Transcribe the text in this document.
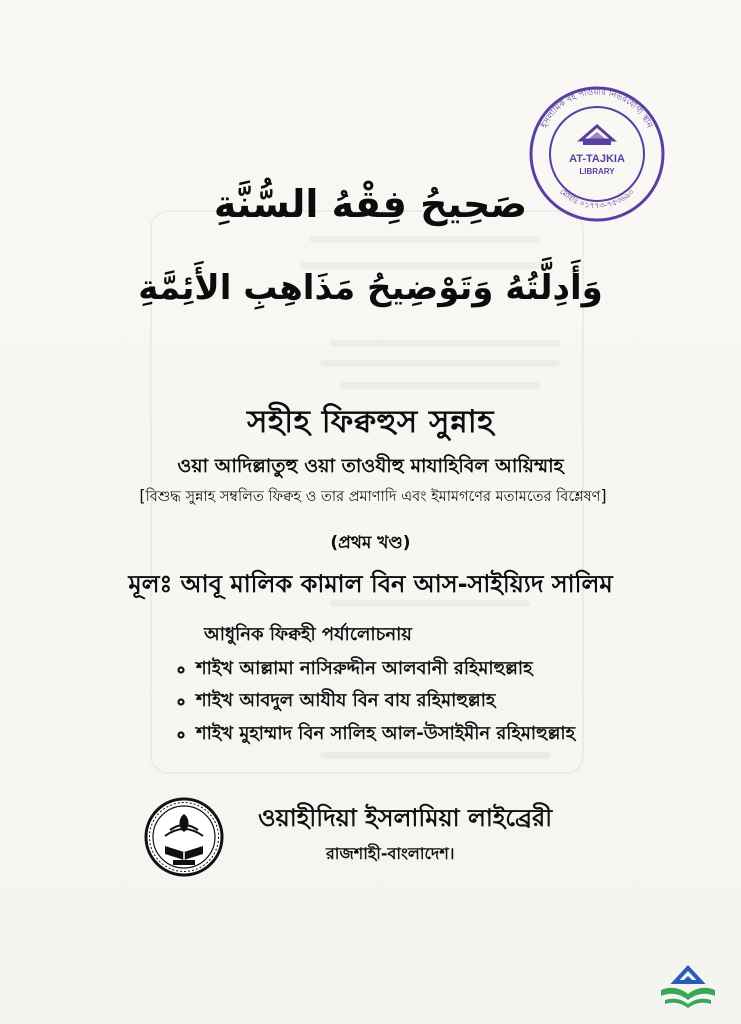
AT-TAJKIA
LIBRARY
ইসলামিক বই পাওয়ার নির্ভরযোগ্য স্থান
মোবাঃ ০১৭৭৩-৭৫৩৬৯০
صَحِيحُ فِقْهُ السُّنَّةِ
وَأَدِلَّتُهُ وَتَوْضِيحُ مَذَاهِبِ الأَئِمَّةِ
সহীহ ফিক্বহুস সুন্নাহ
ওয়া আদিল্লাতুহু ওয়া তাওযীহু মাযাহিবিল আয়িম্মাহ
[বিশুদ্ধ সুন্নাহ সম্বলিত ফিক্বহ ও তার প্রমাণাদি এবং ইমামগণের মতামতের বিশ্লেষণ]
(প্রথম খণ্ড)
মূলঃ আবূ মালিক কামাল বিন আস-সাইয়্যিদ সালিম
আধুনিক ফিক্বহী পর্যালোচনায়
শাইখ আল্লামা নাসিরুদ্দীন আলবানী রহিমাহুল্লাহ
শাইখ আবদুল আযীয বিন বায রহিমাহুল্লাহ
শাইখ মুহাম্মাদ বিন সালিহ আল-উসাইমীন রহিমাহুল্লাহ
ওয়াহীদিয়া ইসলামিয়া লাইব্রেরী
রাজশাহী-বাংলাদেশ।
